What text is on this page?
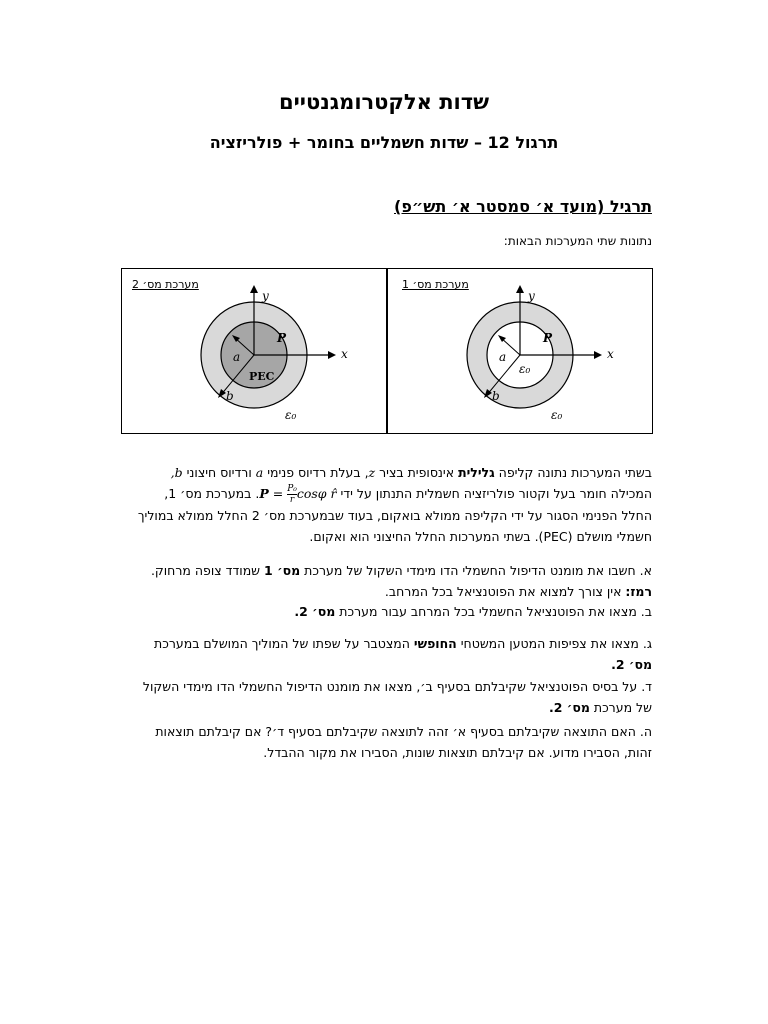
שדות אלקטרומגנטיים
תרגול 12 – שדות חשמליים בחומר + פולריזציה
תרגיל (מועד א׳ סמסטר א׳ תש״פ)
נתונות שתי המערכות הבאות:
y
x
P
a
b
PEC
ε₀
מערכת מס׳ 2
y
x
P
a
b
ε₀
ε₀
מערכת מס׳ 1
בשתי המערכות נתונה קליפה גלילית אינסופית בציר z, בעלת רדיוס פנימי a ורדיוס חיצוני b,
המכילה חומר בעל וקטור פולריזציה חשמלית התנתון על ידי $P = \frac{\text{P₀}}{r}$ cosφ r̂. במערכת מס׳ 1,
החלל הפנימי הסגור על ידי הקליפה ממולא בואקום, בעוד שבמערכת מס׳ 2 החלל ממולא במוליך
חשמלי מושלם (PEC). בשתי המערכות החלל החיצוני הוא ואקום.
א. חשבו את מומנט הדיפול החשמלי הדו מימדי השקול של מערכת מס׳ 1 שמודד צופה מרחוק.
רמז: אין צורך למצוא את הפוטנציאל בכל המרחב.
ב. מצאו את הפוטנציאל החשמלי בכל המרחב עבור מערכת מס׳ 2.
ג. מצאו את צפיפות המטען המשטחי החופשי המצטבר על שפתו של המוליך המושלם במערכת
מס׳ 2.
ד. על בסיס הפוטנציאל שקיבלתם בסעיף ב׳, מצאו את מומנט הדיפול החשמלי הדו מימדי השקול
של מערכת מס׳ 2.
ה. האם התוצאה שקיבלתם בסעיף א׳ זהה לתוצאה שקיבלתם בסעיף ד׳? אם קיבלתם תוצאות
זהות, הסבירו מדוע. אם קיבלתם תוצאות שונות, הסבירו את מקור ההבדל.
